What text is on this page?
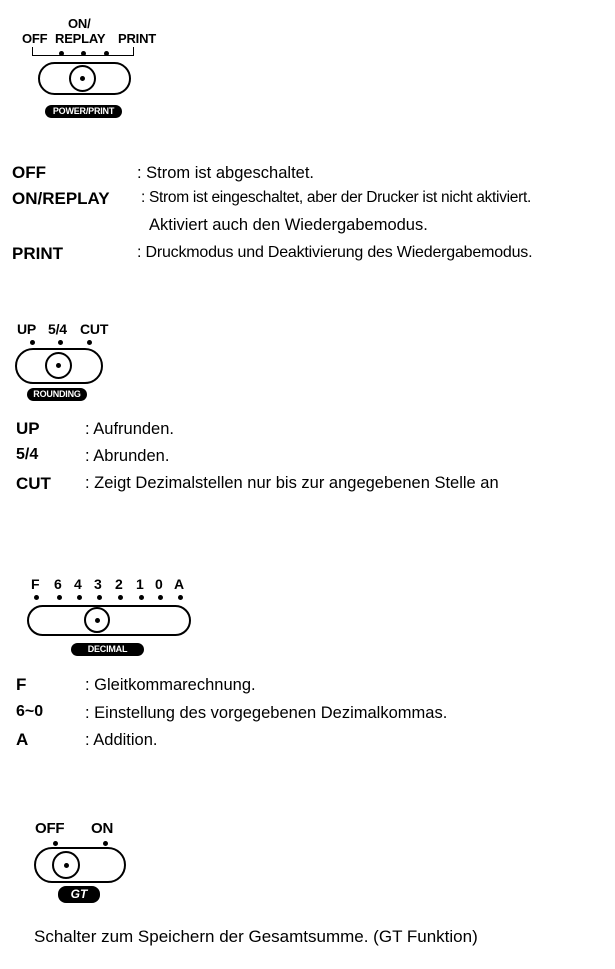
ON/
OFF REPLAY PRINT
POWER/PRINT
OFF	: Strom ist abgeschaltet.
ON/REPLAY : Strom ist eingeschaltet, aber der Drucker ist nicht aktiviert.
Aktiviert auch den Wiedergabemodus.
PRINT	: Druckmodus und Deaktivierung des Wiedergabemodus.
UP 5/4 CUT
ROUNDING
UP	: Aufrunden.
5/4	: Abrunden.
CUT : Zeigt Dezimalstellen nur bis zur angegebenen Stelle an
F 6 4 3 2 1 0 A
DECIMAL
F	: Gleitkommarechnung.
6~0	: Einstellung des vorgegebenen Dezimalkommas.
A	: Addition.
OFF ON
GT
Schalter zum Speichern der Gesamtsumme. (GT Funktion)
